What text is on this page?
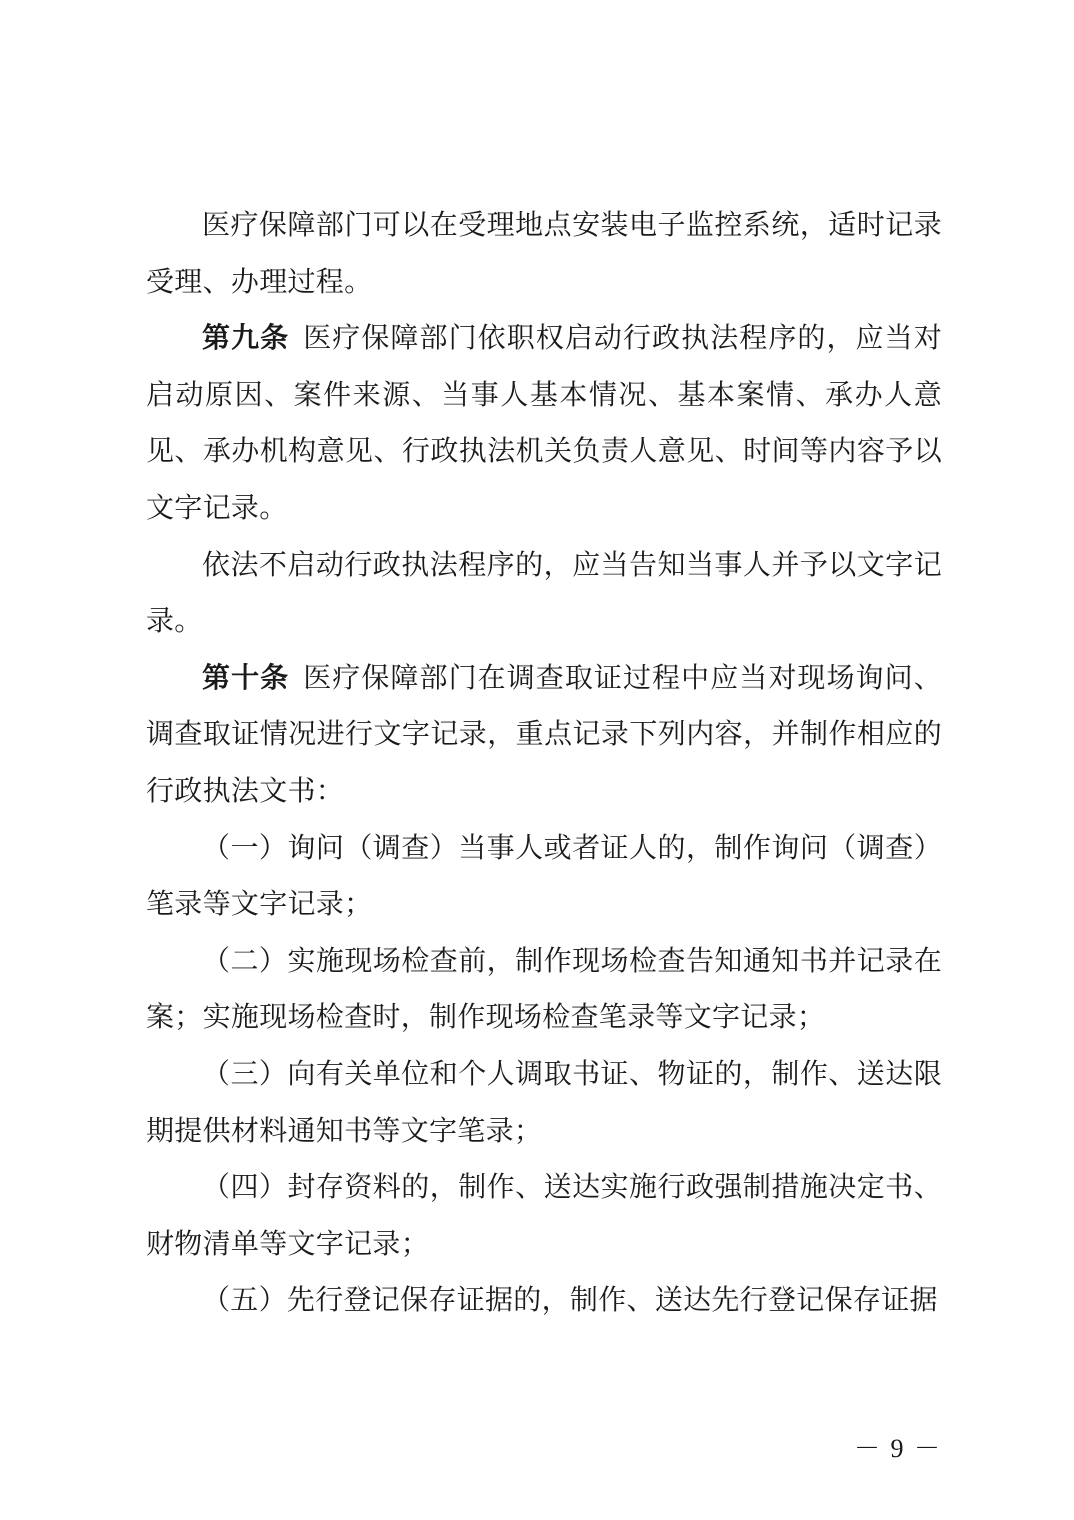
医疗保障部门可以在受理地点安装电子监控系统，适时记录受理、办理过程。

第九条 医疗保障部门依职权启动行政执法程序的，应当对启动原因、案件来源、当事人基本情况、基本案情、承办人意见、承办机构意见、行政执法机关负责人意见、时间等内容予以文字记录。

依法不启动行政执法程序的，应当告知当事人并予以文字记录。

第十条 医疗保障部门在调查取证过程中应当对现场询问、调查取证情况进行文字记录，重点记录下列内容，并制作相应的行政执法文书：

（一）询问（调查）当事人或者证人的，制作询问（调查）笔录等文字记录；

（二）实施现场检查前，制作现场检查告知通知书并记录在案；实施现场检查时，制作现场检查笔录等文字记录；

（三）向有关单位和个人调取书证、物证的，制作、送达限期提供材料通知书等文字笔录；

（四）封存资料的，制作、送达实施行政强制措施决定书、财物清单等文字记录；

（五）先行登记保存证据的，制作、送达先行登记保存证据

－ 9 －
